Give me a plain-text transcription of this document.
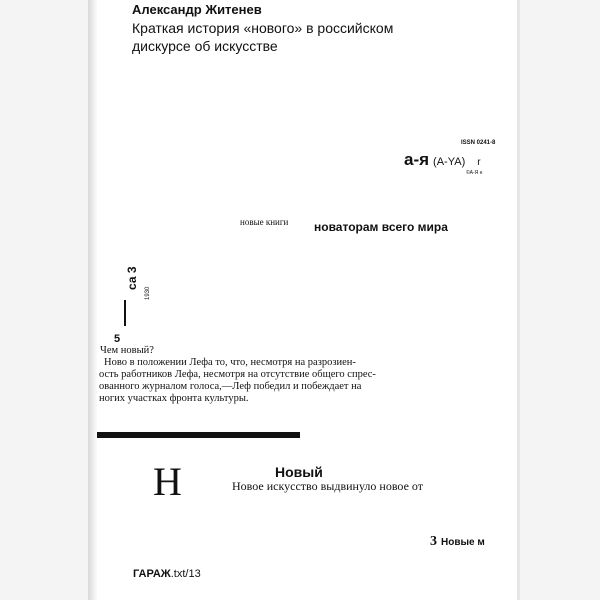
Александр Житенев
Краткая история «нового» в российском
дискурсе об искусстве
ISSN 0241-8
а-я (A-YA) r
©А-Я н
новые книги новаторам всего мира
са 3
1930
5
Чем новый?
Ново в положении Лефа то, что, несмотря на разрозиен-
ость работников Лефа, несмотря на отсутствие общего спрес-
ованного журналом голоса,—Леф победил и побеждает на
ногих участках фронта культуры.
Н	Новый
Новое искусство выдвинуло новое от
3 Новые м
ГАРАЖ.txt/13
